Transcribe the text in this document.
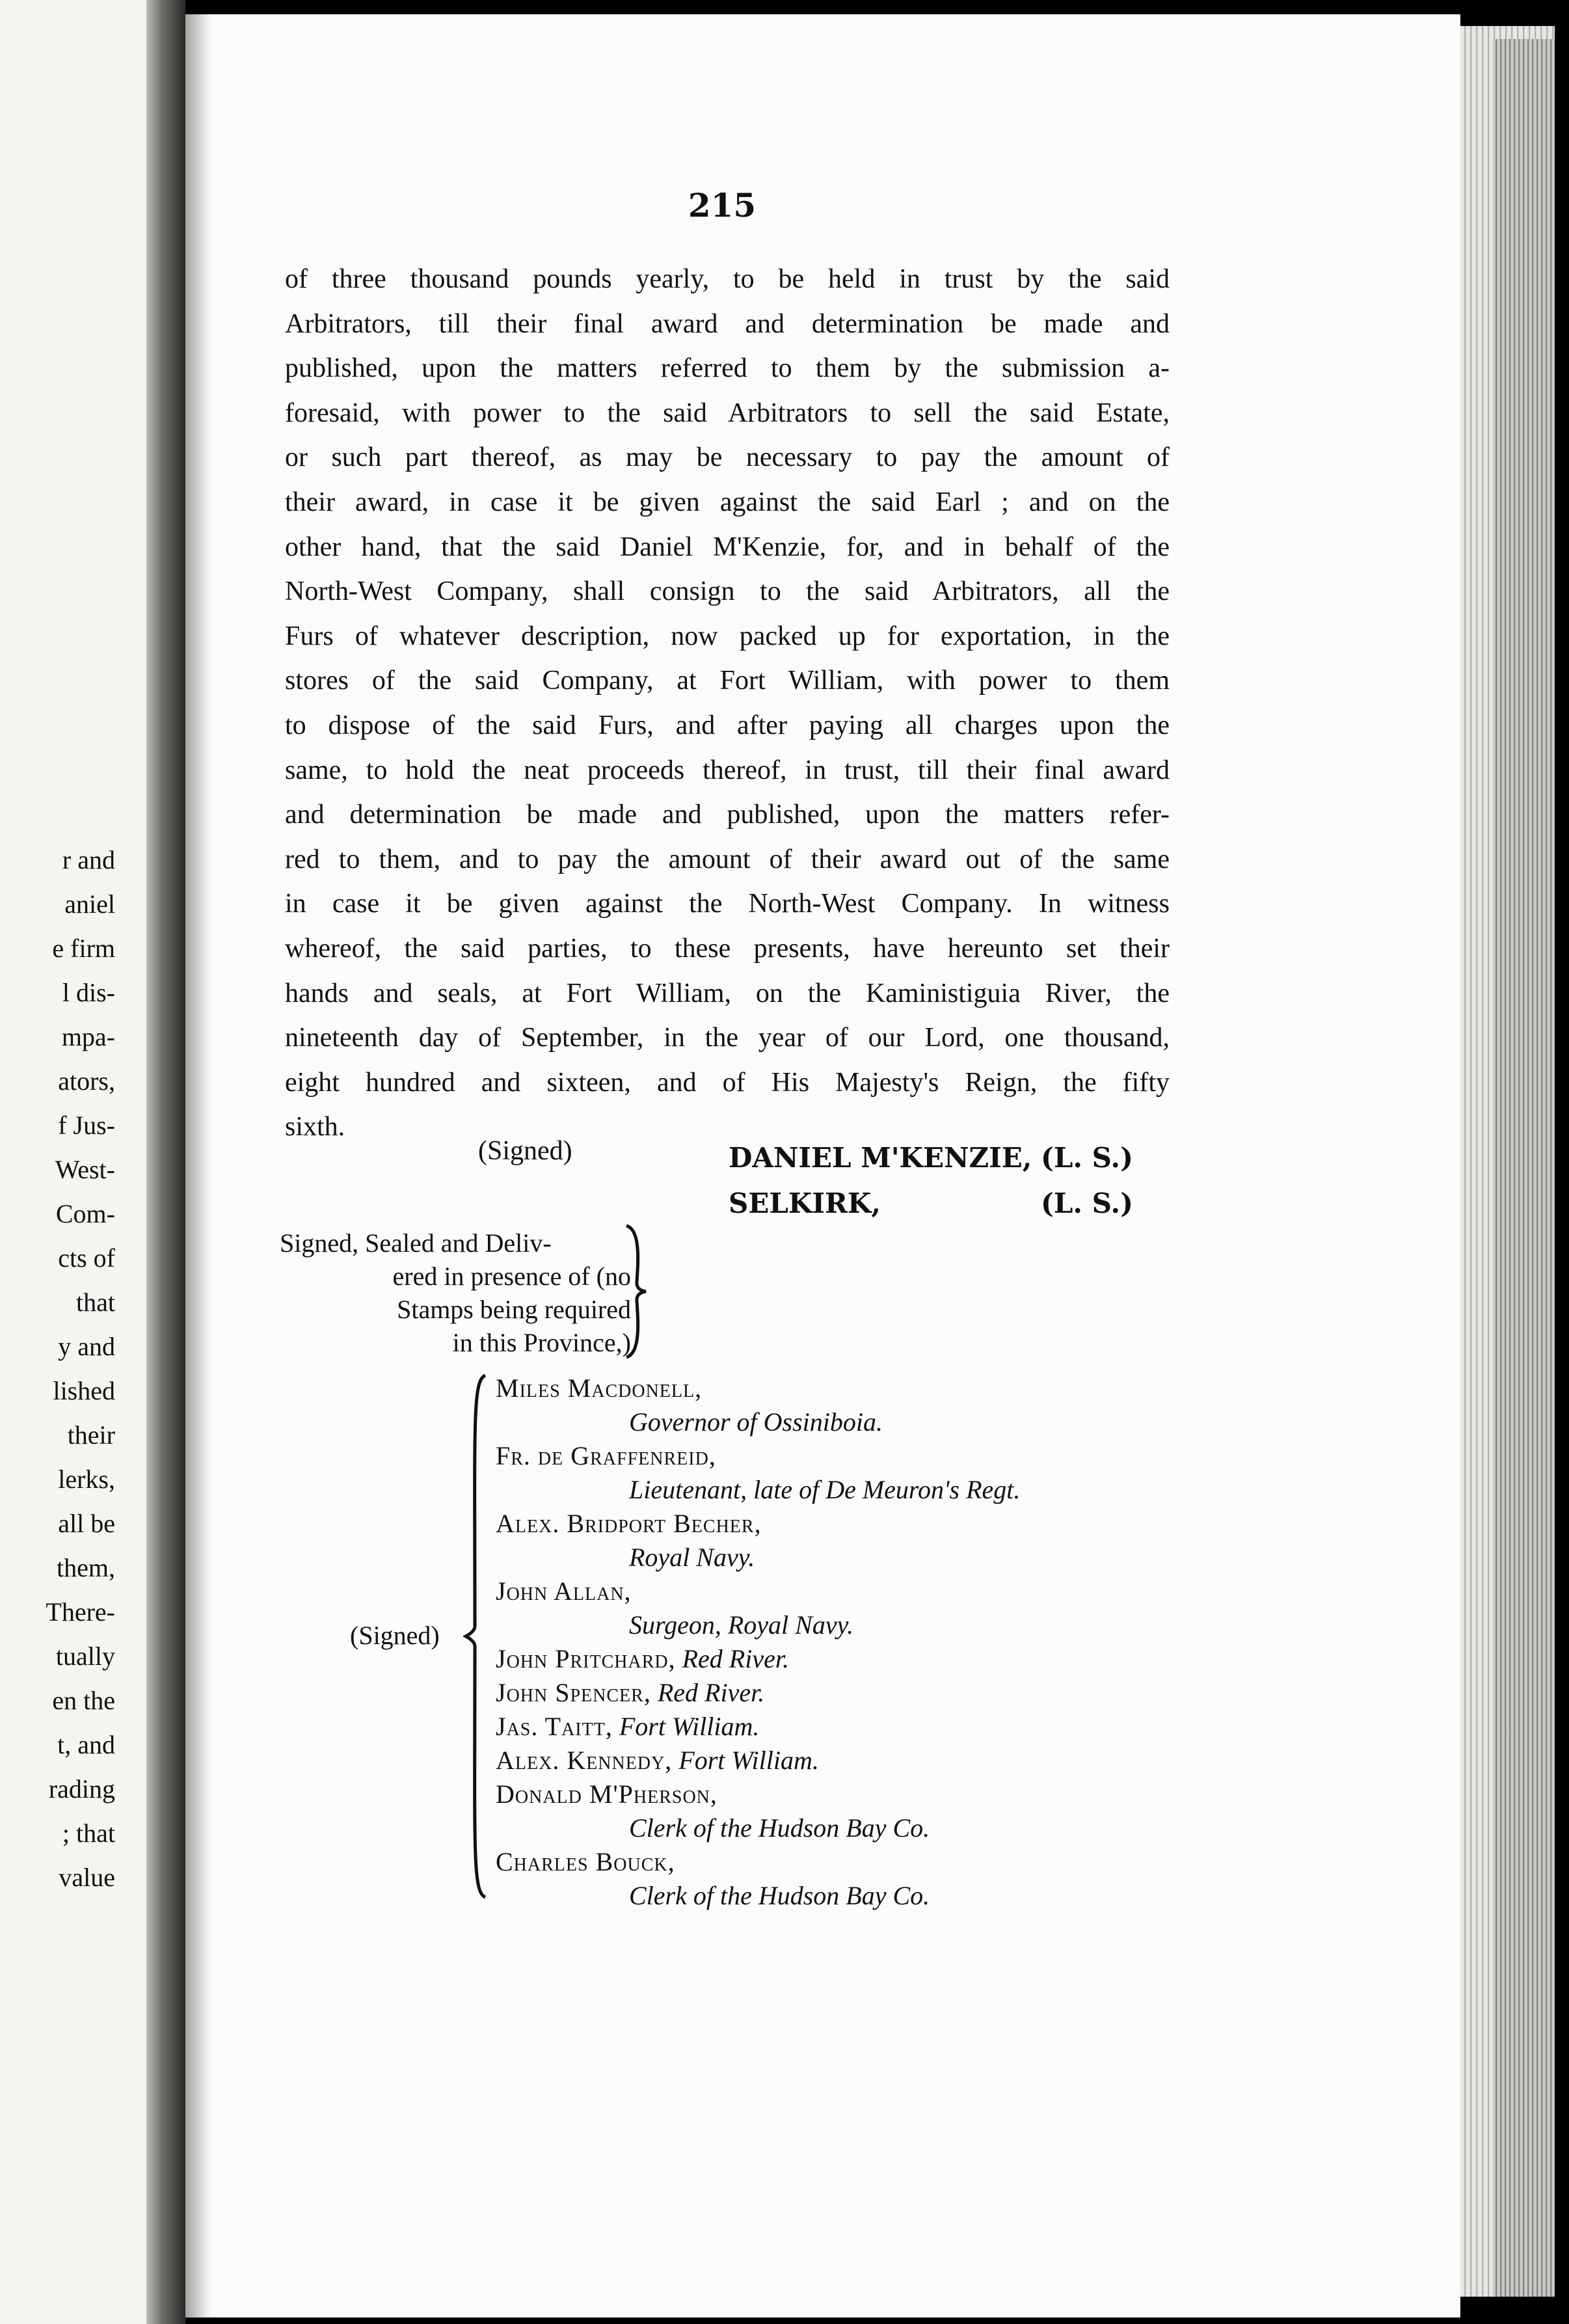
r and
aniel
e firm
l dis-
mpa-
ators,
f Jus-
West-
Com-
cts of
that
y and
lished
their
lerks,
all be
them,
There-
tually
en the
t, and
rading
; that
value
215
of three thousand pounds yearly, to be held in trust by the said
Arbitrators, till their final award and determination be made and
published, upon the matters referred to them by the submission a-
foresaid, with power to the said Arbitrators to sell the said Estate,
or such part thereof, as may be necessary to pay the amount of
their award, in case it be given against the said Earl ; and on the
other hand, that the said Daniel M'Kenzie, for, and in behalf of the
North-West Company, shall consign to the said Arbitrators, all the
Furs of whatever description, now packed up for exportation, in the
stores of the said Company, at Fort William, with power to them
to dispose of the said Furs, and after paying all charges upon the
same, to hold the neat proceeds thereof, in trust, till their final award
and determination be made and published, upon the matters refer-
red to them, and to pay the amount of their award out of the same
in case it be given against the North-West Company. In witness
whereof, the said parties, to these presents, have hereunto set their
hands and seals, at Fort William, on the Kaministiguia River, the
nineteenth day of September, in the year of our Lord, one thousand,
eight hundred and sixteen, and of His Majesty's Reign, the fifty
sixth.
(Signed)	DANIEL M'KENZIE, (L. S.)
SELKIRK,	(L. S.)
Signed, Sealed and Deliv-
ered in presence of (no
Stamps being required
in this Province,)
(Signed)
Miles Macdonell,
Governor of Ossiniboia.
Fr. de Graffenreid,
Lieutenant, late of De Meuron's Regt.
Alex. Bridport Becher,
Royal Navy.
John Allan,
Surgeon, Royal Navy.
John Pritchard, Red River.
John Spencer, Red River.
Jas. Taitt, Fort William.
Alex. Kennedy, Fort William.
Donald M'Pherson,
Clerk of the Hudson Bay Co.
Charles Bouck,
Clerk of the Hudson Bay Co.
